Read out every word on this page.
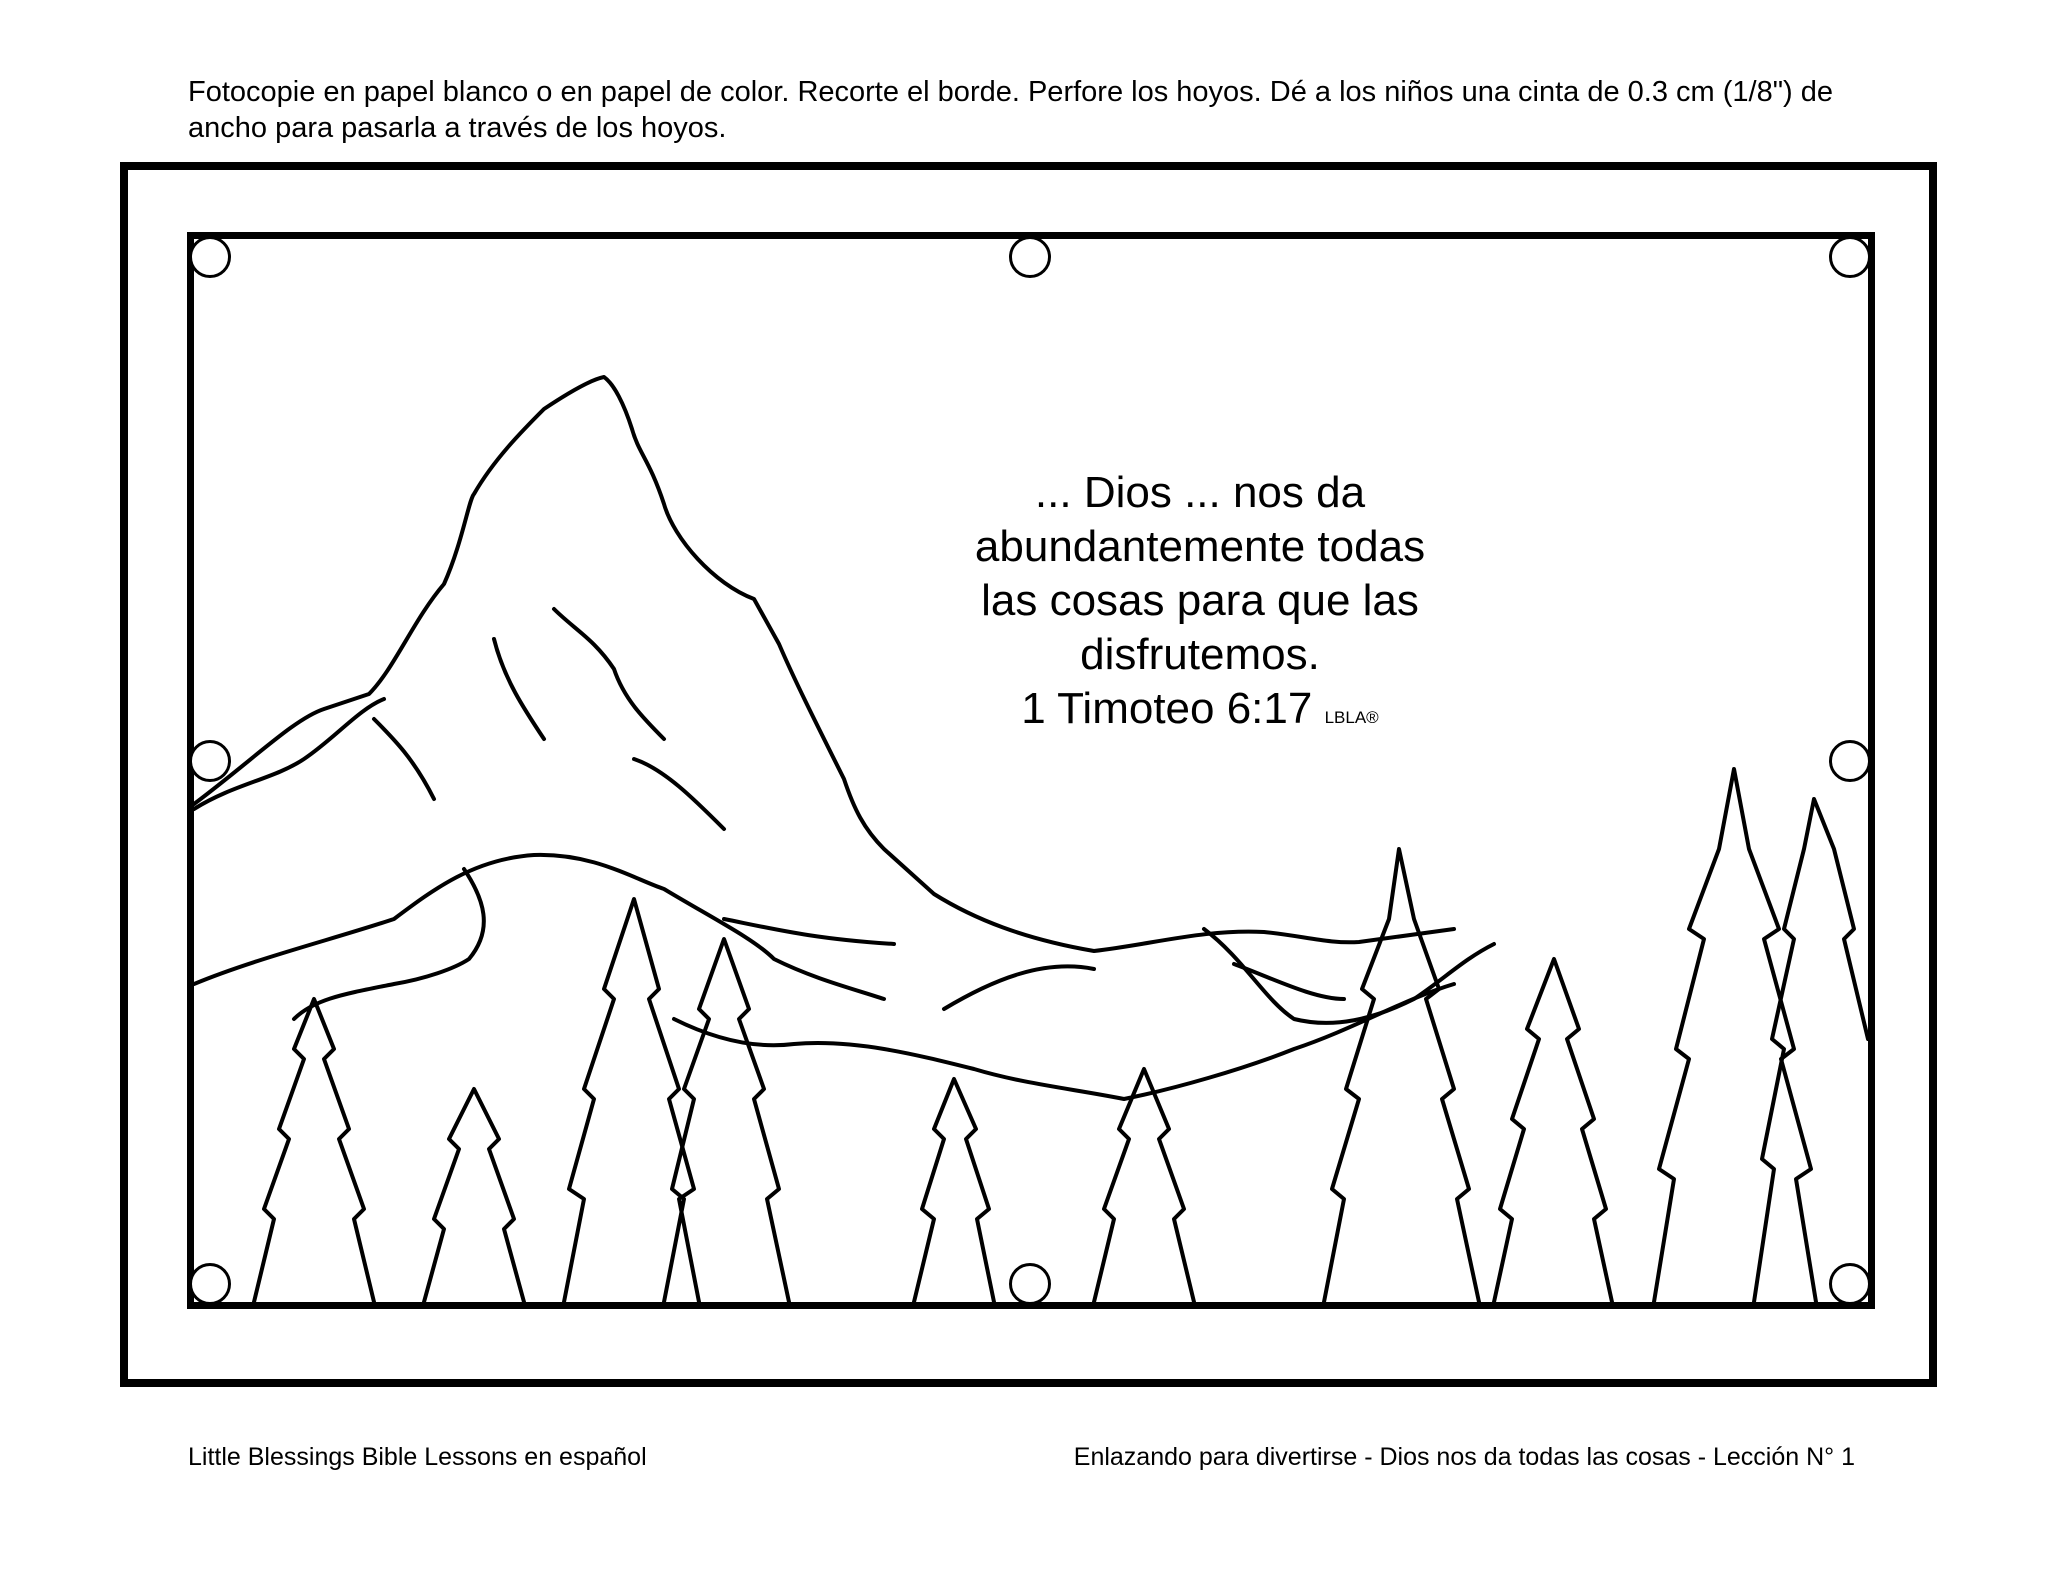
Fotocopie en papel blanco o en papel de color. Recorte el borde. Perfore los hoyos. Dé a los niños una cinta de 0.3 cm (1/8") de ancho para pasarla a través de los hoyos.

... Dios ... nos da

abundantemente todas

las cosas para que las

disfrutemos.

1 Timoteo 6:17 LBLA®

Little Blessings Bible Lessons en español	Enlazando para divertirse - Dios nos da todas las cosas - Lección N° 1
